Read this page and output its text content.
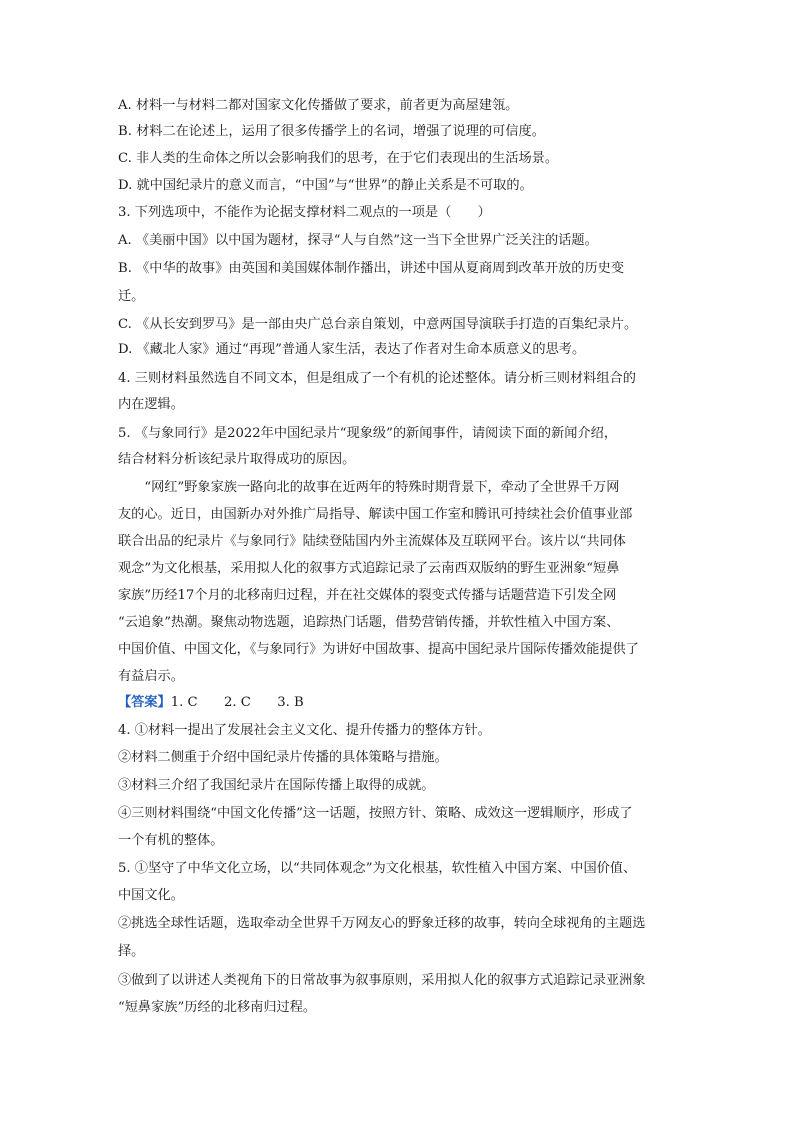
A. 材料一与材料二都对国家文化传播做了要求，前者更为高屋建瓴。
B. 材料二在论述上，运用了很多传播学上的名词，增强了说理的可信度。
C. 非人类的生命体之所以会影响我们的思考，在于它们表现出的生活场景。
D. 就中国纪录片的意义而言，“中国”与“世界”的静止关系是不可取的。
3. 下列选项中，不能作为论据支撑材料二观点的一项是（　　）
A. 《美丽中国》以中国为题材，探寻“人与自然”这一当下全世界广泛关注的话题。
B. 《中华的故事》由英国和美国媒体制作播出，讲述中国从夏商周到改革开放的历史变
迁。
C. 《从长安到罗马》是一部由央广总台亲自策划，中意两国导演联手打造的百集纪录片。
D. 《藏北人家》通过“再现”普通人家生活，表达了作者对生命本质意义的思考。
4. 三则材料虽然选自不同文本，但是组成了一个有机的论述整体。请分析三则材料组合的
内在逻辑。
5. 《与象同行》是2022年中国纪录片“现象级”的新闻事件，请阅读下面的新闻介绍，
结合材料分析该纪录片取得成功的原因。
　　“网红”野象家族一路向北的故事在近两年的特殊时期背景下，牵动了全世界千万网
友的心。近日，由国新办对外推广局指导、解读中国工作室和腾讯可持续社会价值事业部
联合出品的纪录片《与象同行》陆续登陆国内外主流媒体及互联网平台。该片以“共同体
观念”为文化根基，采用拟人化的叙事方式追踪记录了云南西双版纳的野生亚洲象“短鼻
家族”历经17个月的北移南归过程，并在社交媒体的裂变式传播与话题营造下引发全网
“云追象”热潮。聚焦动物选题，追踪热门话题，借势营销传播，并软性植入中国方案、
中国价值、中国文化，《与象同行》为讲好中国故事、提高中国纪录片国际传播效能提供了
有益启示。
【答案】1. C　　2. C　　3. B
4. ①材料一提出了发展社会主义文化、提升传播力的整体方针。
②材料二侧重于介绍中国纪录片传播的具体策略与措施。
③材料三介绍了我国纪录片在国际传播上取得的成就。
④三则材料围绕“中国文化传播”这一话题，按照方针、策略、成效这一逻辑顺序，形成了
一个有机的整体。
5. ①坚守了中华文化立场，以“共同体观念”为文化根基，软性植入中国方案、中国价值、
中国文化。
②挑选全球性话题，选取牵动全世界千万网友心的野象迁移的故事，转向全球视角的主题选
择。
③做到了以讲述人类视角下的日常故事为叙事原则，采用拟人化的叙事方式追踪记录亚洲象
“短鼻家族”历经的北移南归过程。
